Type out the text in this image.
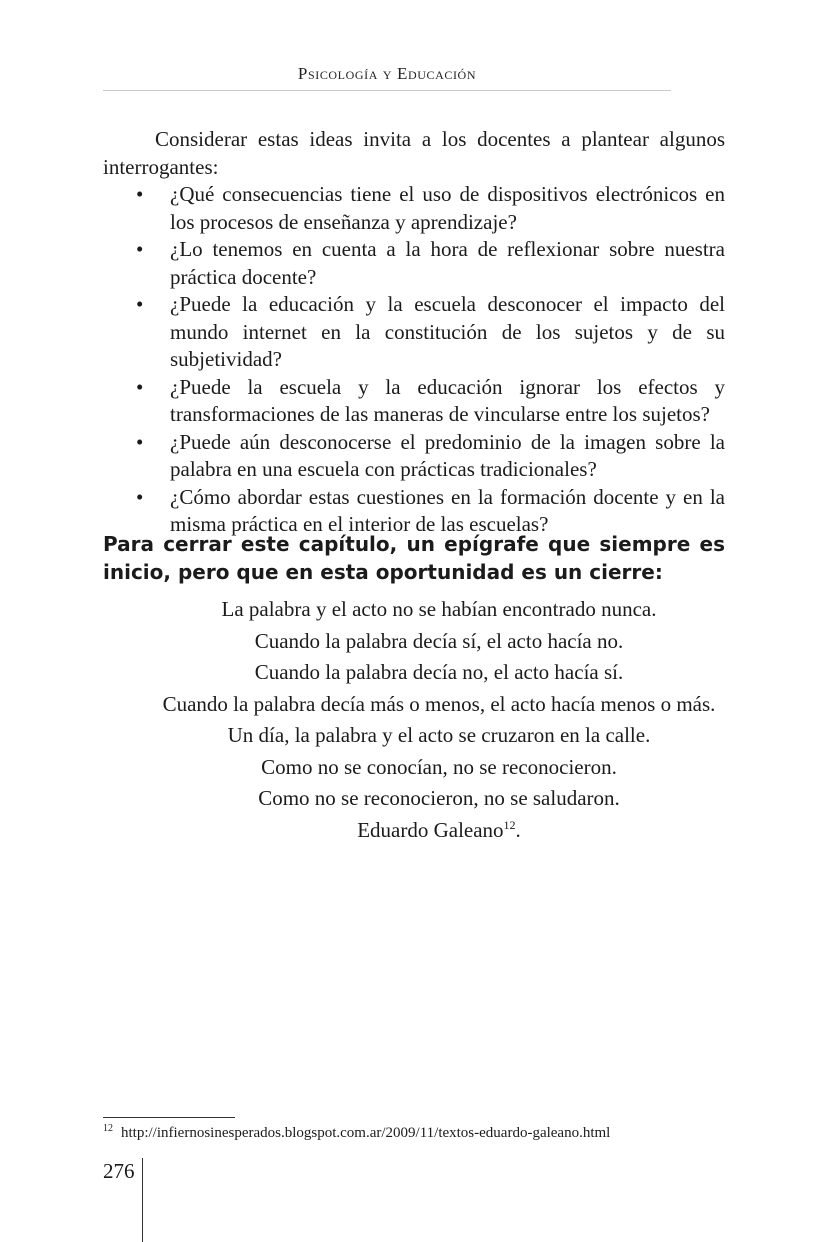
Psicología y Educación

Considerar estas ideas invita a los docentes a plantear algunos interrogantes:

• ¿Qué consecuencias tiene el uso de dispositivos electrónicos en los procesos de enseñanza y aprendizaje?
• ¿Lo tenemos en cuenta a la hora de reflexionar sobre nuestra práctica docente?
• ¿Puede la educación y la escuela desconocer el impacto del mundo internet en la constitución de los sujetos y de su subjetividad?
• ¿Puede la escuela y la educación ignorar los efectos y transformaciones de las maneras de vincularse entre los sujetos?
• ¿Puede aún desconocerse el predominio de la imagen sobre la palabra en una escuela con prácticas tradicionales?
• ¿Cómo abordar estas cuestiones en la formación docente y en la misma práctica en el interior de las escuelas?

Para cerrar este capítulo, un epígrafe que siempre es inicio, pero que en esta oportunidad es un cierre:

La palabra y el acto no se habían encontrado nunca.

Cuando la palabra decía sí, el acto hacía no.

Cuando la palabra decía no, el acto hacía sí.

Cuando la palabra decía más o menos, el acto hacía menos o más.

Un día, la palabra y el acto se cruzaron en la calle.

Como no se conocían, no se reconocieron.

Como no se reconocieron, no se saludaron.

Eduardo Galeano$^{12}$.

$^{12}$ http://infiernosinesperados.blogspot.com.ar/2009/11/textos-eduardo-galeano.html
276
